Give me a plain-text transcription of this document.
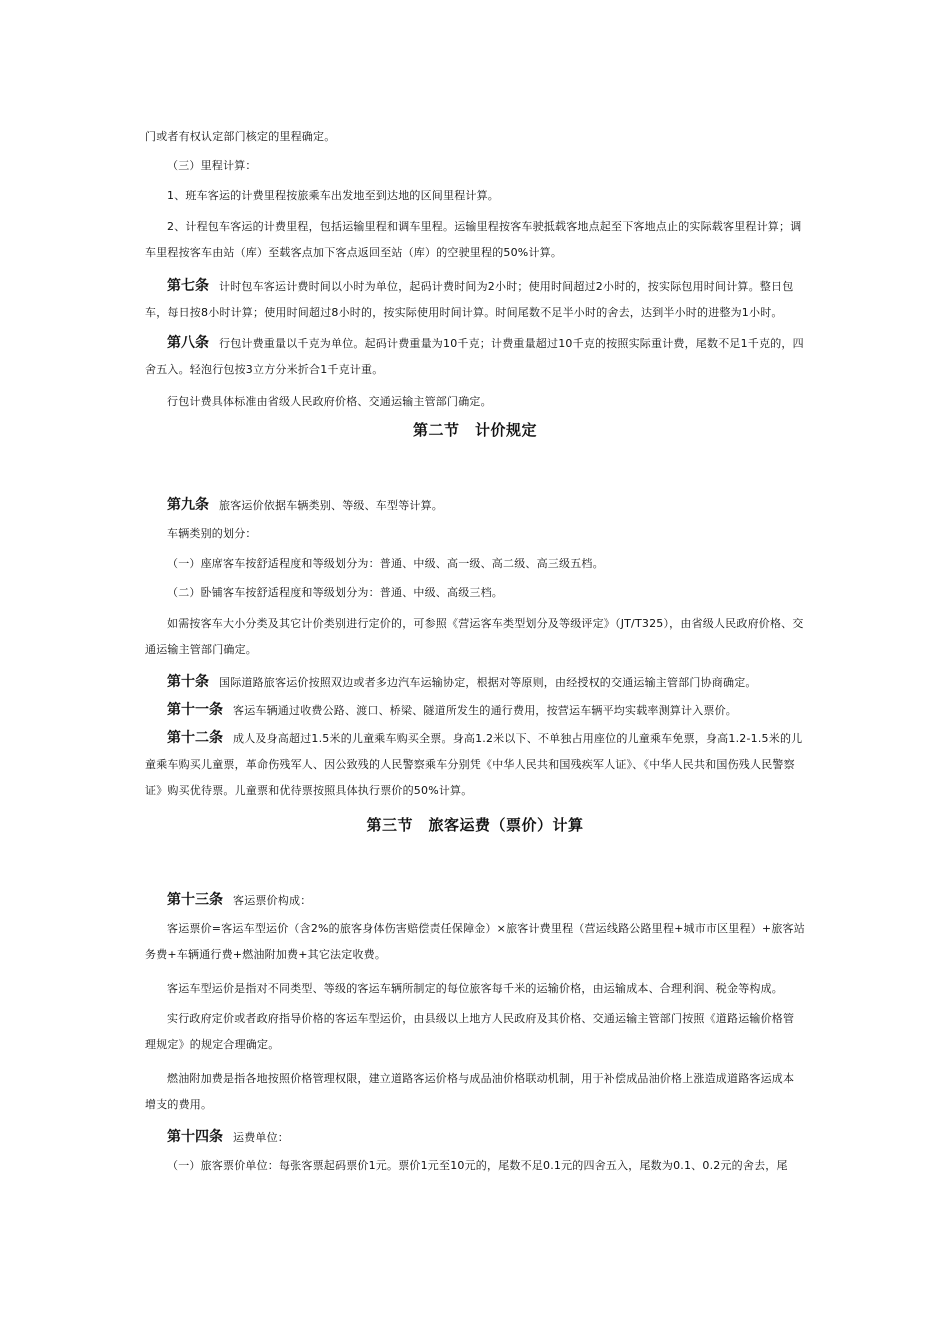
门或者有权认定部门核定的里程确定。
（三）里程计算：
1、班车客运的计费里程按旅乘车出发地至到达地的区间里程计算。
2、计程包车客运的计费里程，包括运输里程和调车里程。运输里程按客车驶抵载客地点起至下客地点止的实际载客里程计算；调车里程按客车由站（库）至载客点加下客点返回至站（库）的空驶里程的50%计算。
第七条 计时包车客运计费时间以小时为单位，起码计费时间为2小时；使用时间超过2小时的，按实际包用时间计算。整日包车，每日按8小时计算；使用时间超过8小时的，按实际使用时间计算。时间尾数不足半小时的舍去，达到半小时的进整为1小时。
第八条 行包计费重量以千克为单位。起码计费重量为10千克；计费重量超过10千克的按照实际重计费，尾数不足1千克的，四舍五入。轻泡行包按3立方分米折合1千克计重。
行包计费具体标准由省级人民政府价格、交通运输主管部门确定。
第二节　计价规定
第九条 旅客运价依据车辆类别、等级、车型等计算。
车辆类别的划分：
（一）座席客车按舒适程度和等级划分为：普通、中级、高一级、高二级、高三级五档。
（二）卧铺客车按舒适程度和等级划分为：普通、中级、高级三档。
如需按客车大小分类及其它计价类别进行定价的，可参照《营运客车类型划分及等级评定》（JT/T325），由省级人民政府价格、交通运输主管部门确定。
第十条 国际道路旅客运价按照双边或者多边汽车运输协定，根据对等原则，由经授权的交通运输主管部门协商确定。
第十一条 客运车辆通过收费公路、渡口、桥梁、隧道所发生的通行费用，按营运车辆平均实载率测算计入票价。
第十二条 成人及身高超过1.5米的儿童乘车购买全票。身高1.2米以下、不单独占用座位的儿童乘车免票，身高1.2-1.5米的儿童乘车购买儿童票，革命伤残军人、因公致残的人民警察乘车分别凭《中华人民共和国残疾军人证》、《中华人民共和国伤残人民警察证》购买优待票。儿童票和优待票按照具体执行票价的50%计算。
第三节　旅客运费（票价）计算
第十三条 客运票价构成：
客运票价=客运车型运价（含2%的旅客身体伤害赔偿责任保障金）×旅客计费里程（营运线路公路里程+城市市区里程）+旅客站务费+车辆通行费+燃油附加费+其它法定收费。
客运车型运价是指对不同类型、等级的客运车辆所制定的每位旅客每千米的运输价格，由运输成本、合理利润、税金等构成。
实行政府定价或者政府指导价格的客运车型运价，由县级以上地方人民政府及其价格、交通运输主管部门按照《道路运输价格管理规定》的规定合理确定。
燃油附加费是指各地按照价格管理权限，建立道路客运价格与成品油价格联动机制，用于补偿成品油价格上涨造成道路客运成本增支的费用。
第十四条 运费单位：
（一）旅客票价单位：每张客票起码票价1元。票价1元至10元的，尾数不足0.1元的四舍五入，尾数为0.1、0.2元的舍去，尾
